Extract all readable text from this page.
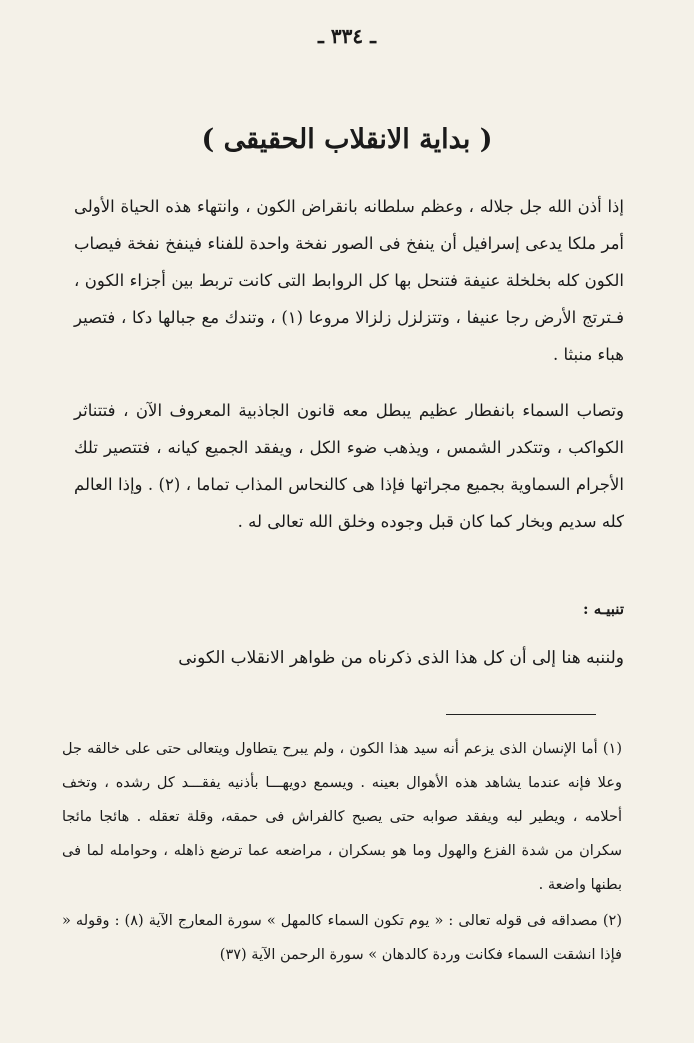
ـ ٣٣٤ ـ
( بداية الانقلاب الحقيقى )
إذا أذن الله جل جلاله ، وعظم سلطانه بانقراض الكون ، وانتهاء هذه الحياة الأولى أمر ملكا يدعى إسرافيل أن ينفخ فى الصور نفخة واحدة للفناء فينفخ نفخة فيصاب الكون كله بخلخلة عنيفة فتنحل بها كل الروابط التى كانت تربط بين أجزاء الكون ، فـترتج الأرض رجا عنيفا ، وتتزلزل زلزالا مروعا (١) ، وتندك مع جبالها دكا ، فتصير هباء منبثا .
وتصاب السماء بانفطار عظيم يبطل معه قانون الجاذبية المعروف الآن ، فتتناثر الكواكب ، وتتكدر الشمس ، ويذهب ضوء الكل ، ويفقد الجميع كيانه ، فتتصير تلك الأجرام السماوية بجميع مجراتها فإذا هى كالنحاس المذاب تماما ، (٢) . وإذا العالم كله سديم وبخار كما كان قبل وجوده وخلق الله تعالى له .
تنبيـه :
ولننبه هنا إلى أن كل هذا الذى ذكرناه من ظواهر الانقلاب الكونى
(١) أما الإنسان الذى يزعم أنه سيد هذا الكون ، ولم يبرح يتطاول ويتعالى حتى على خالقه جل وعلا فإنه عندما يشاهد هذه الأهوال بعينه . ويسمع دويهـــا بأذنيه يفقـــد كل رشده ، وتخف أحلامه ، ويطير لبه ويفقد صوابه حتى يصبح كالفراش فى حمقه، وقلة تعقله . هائجا مائجا سكران من شدة الفزع والهول وما هو بسكران ، مراضعه عما ترضع ذاهله ، وحوامله لما فى بطنها واضعة .
(٢) مصداقه فى قوله تعالى : « يوم تكون السماء كالمهل » سورة المعارج الآية (٨) : وقوله « فإذا انشقت السماء فكانت وردة كالدهان » سورة الرحمن الآية (٣٧)
